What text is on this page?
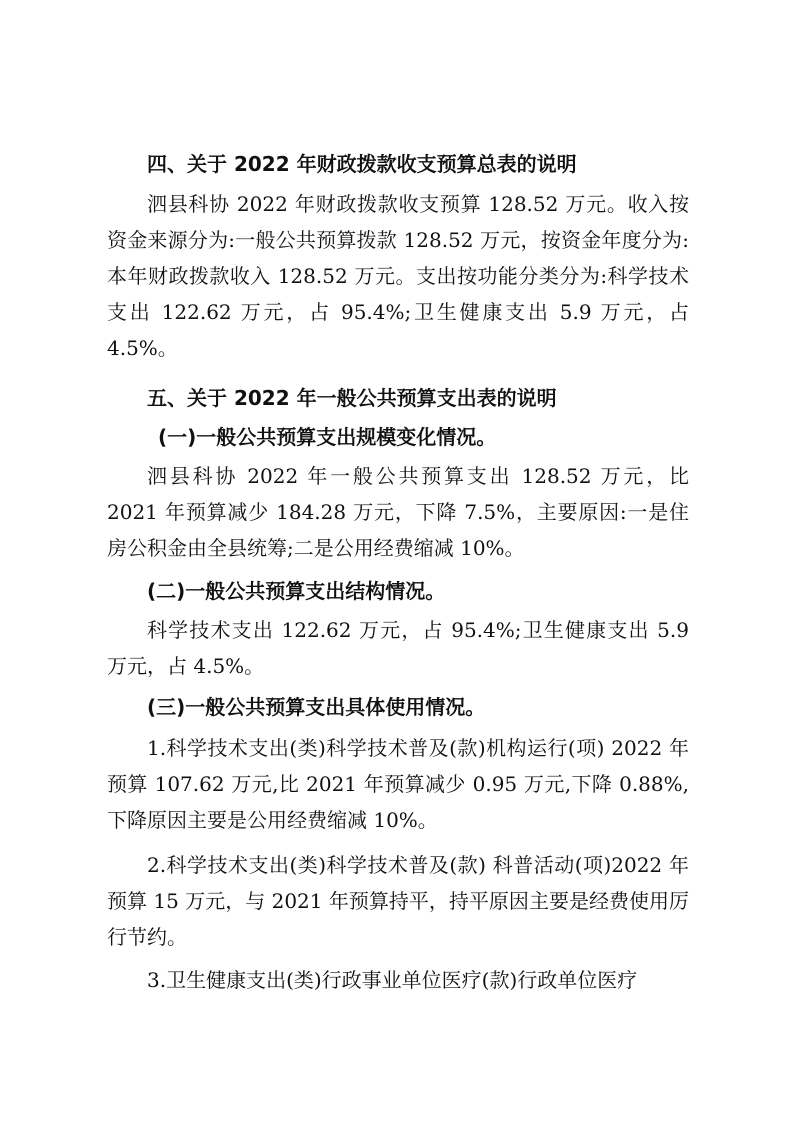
四、关于 2022 年财政拨款收支预算总表的说明
泗县科协 2022 年财政拨款收支预算 128.52 万元。收入按资金来源分为:一般公共预算拨款 128.52 万元，按资金年度分为:本年财政拨款收入 128.52 万元。支出按功能分类分为:科学技术支出 122.62 万元，占 95.4%;卫生健康支出 5.9 万元，占 4.5%。
五、关于 2022 年一般公共预算支出表的说明
(一)一般公共预算支出规模变化情况。
泗县科协 2022 年一般公共预算支出 128.52 万元，比 2021 年预算减少 184.28 万元，下降 7.5%，主要原因:一是住房公积金由全县统筹;二是公用经费缩减 10%。
(二)一般公共预算支出结构情况。
科学技术支出 122.62 万元，占 95.4%;卫生健康支出 5.9 万元，占 4.5%。
(三)一般公共预算支出具体使用情况。
1.科学技术支出(类)科学技术普及(款)机构运行(项) 2022 年预算 107.62 万元,比 2021 年预算减少 0.95 万元,下降 0.88%,下降原因主要是公用经费缩减 10%。
2.科学技术支出(类)科学技术普及(款) 科普活动(项)2022 年预算 15 万元，与 2021 年预算持平，持平原因主要是经费使用厉行节约。
3.卫生健康支出(类)行政事业单位医疗(款)行政单位医疗
